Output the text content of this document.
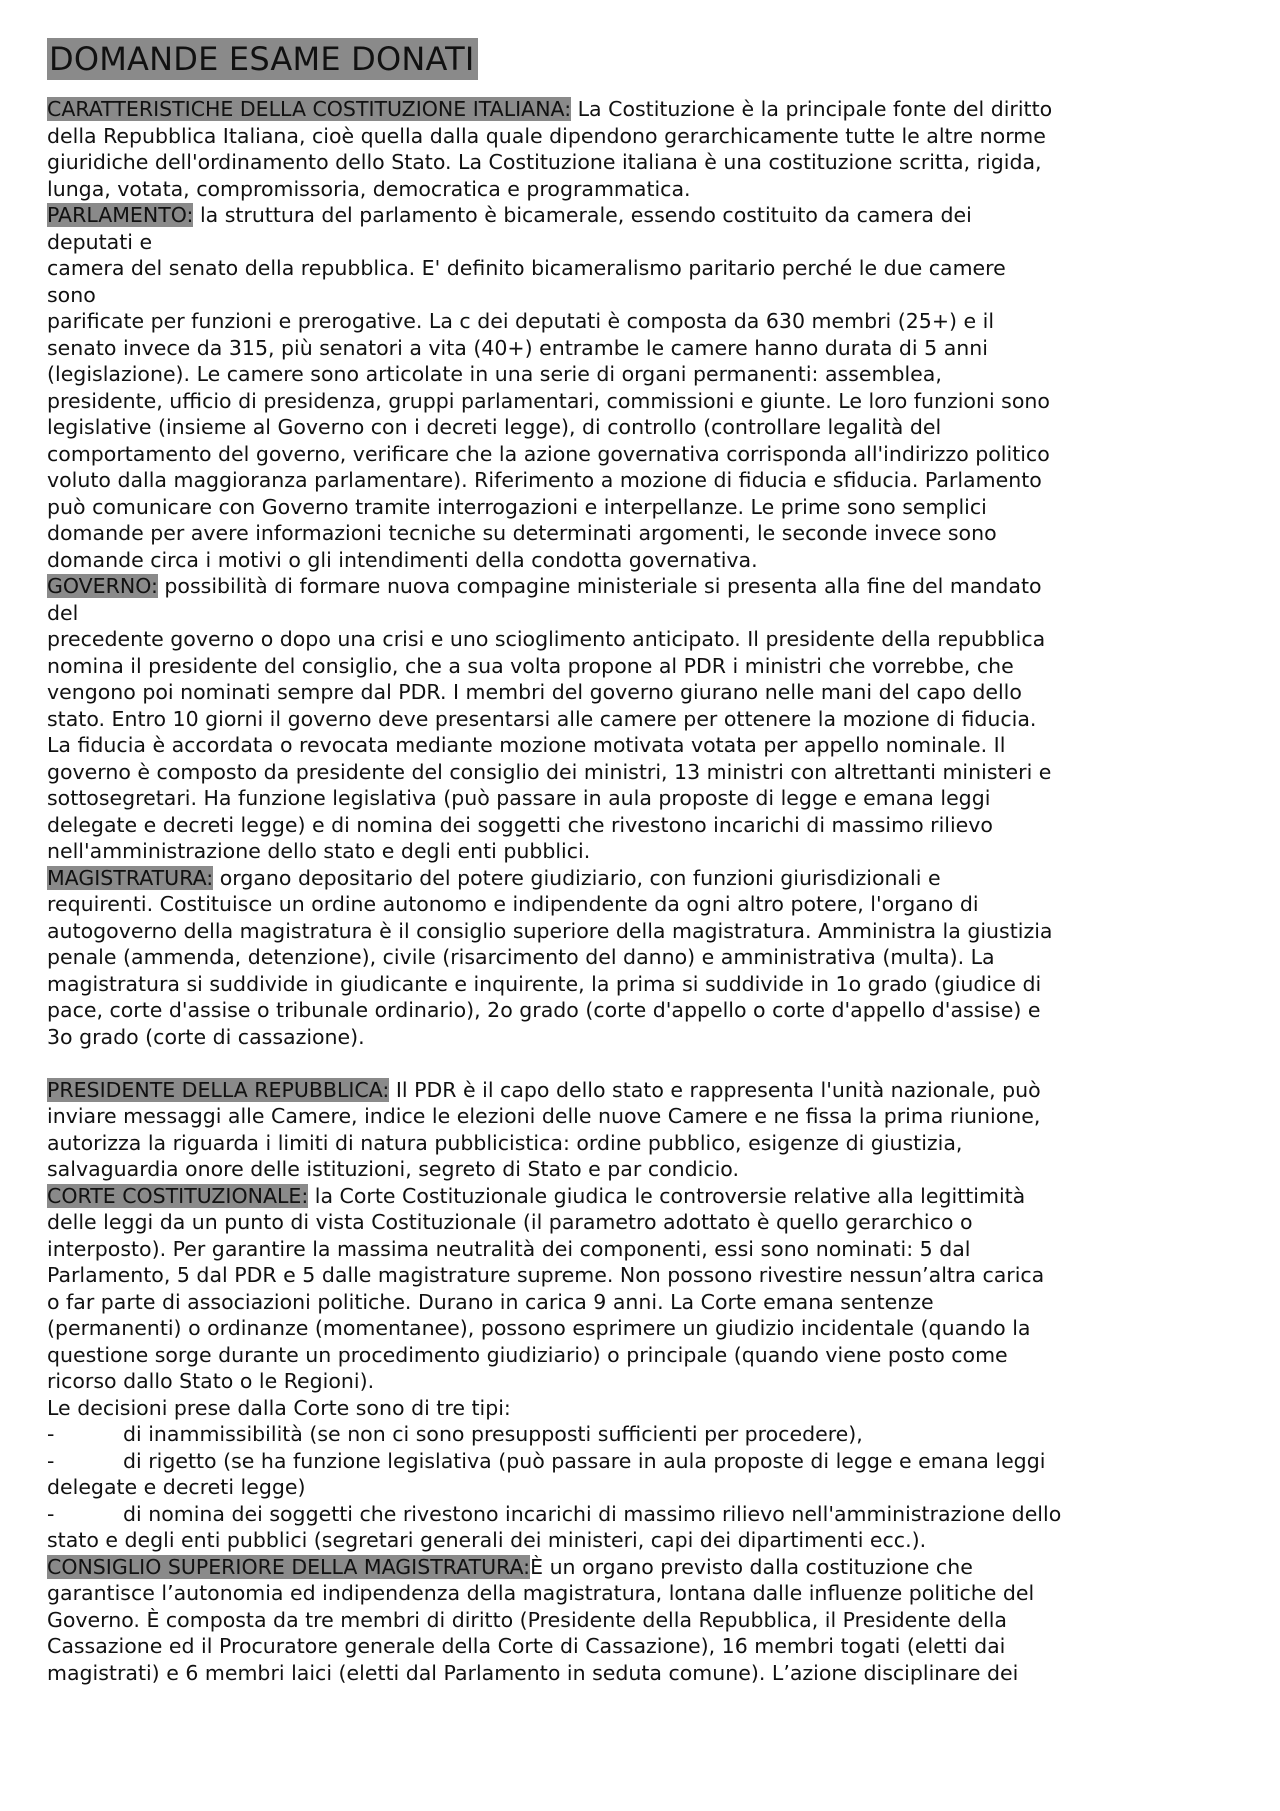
DOMANDE ESAME DONATI

CARATTERISTICHE DELLA COSTITUZIONE ITALIANA: La Costituzione è la principale fonte del diritto
della Repubblica Italiana, cioè quella dalla quale dipendono gerarchicamente tutte le altre norme
giuridiche dell'ordinamento dello Stato. La Costituzione italiana è una costituzione scritta, rigida,
lunga, votata, compromissoria, democratica e programmatica.

PARLAMENTO: la struttura del parlamento è bicamerale, essendo costituito da camera dei
deputati e
camera del senato della repubblica. E' definito bicameralismo paritario perché le due camere
sono
parificate per funzioni e prerogative. La c dei deputati è composta da 630 membri (25+) e il
senato invece da 315, più senatori a vita (40+) entrambe le camere hanno durata di 5 anni
(legislazione). Le camere sono articolate in una serie di organi permanenti: assemblea,
presidente, ufficio di presidenza, gruppi parlamentari, commissioni e giunte. Le loro funzioni sono
legislative (insieme al Governo con i decreti legge), di controllo (controllare legalità del
comportamento del governo, verificare che la azione governativa corrisponda all'indirizzo politico
voluto dalla maggioranza parlamentare). Riferimento a mozione di fiducia e sfiducia. Parlamento
può comunicare con Governo tramite interrogazioni e interpellanze. Le prime sono semplici
domande per avere informazioni tecniche su determinati argomenti, le seconde invece sono
domande circa i motivi o gli intendimenti della condotta governativa.

GOVERNO: possibilità di formare nuova compagine ministeriale si presenta alla fine del mandato
del
precedente governo o dopo una crisi e uno scioglimento anticipato. Il presidente della repubblica
nomina il presidente del consiglio, che a sua volta propone al PDR i ministri che vorrebbe, che
vengono poi nominati sempre dal PDR. I membri del governo giurano nelle mani del capo dello
stato. Entro 10 giorni il governo deve presentarsi alle camere per ottenere la mozione di fiducia.
La fiducia è accordata o revocata mediante mozione motivata votata per appello nominale. Il
governo è composto da presidente del consiglio dei ministri, 13 ministri con altrettanti ministeri e
sottosegretari. Ha funzione legislativa (può passare in aula proposte di legge e emana leggi
delegate e decreti legge) e di nomina dei soggetti che rivestono incarichi di massimo rilievo
nell'amministrazione dello stato e degli enti pubblici.

MAGISTRATURA: organo depositario del potere giudiziario, con funzioni giurisdizionali e
requirenti. Costituisce un ordine autonomo e indipendente da ogni altro potere, l'organo di
autogoverno della magistratura è il consiglio superiore della magistratura. Amministra la giustizia
penale (ammenda, detenzione), civile (risarcimento del danno) e amministrativa (multa). La
magistratura si suddivide in giudicante e inquirente, la prima si suddivide in 1o grado (giudice di
pace, corte d'assise o tribunale ordinario), 2o grado (corte d'appello o corte d'appello d'assise) e
3o grado (corte di cassazione).

PRESIDENTE DELLA REPUBBLICA: Il PDR è il capo dello stato e rappresenta l'unità nazionale, può
inviare messaggi alle Camere, indice le elezioni delle nuove Camere e ne fissa la prima riunione,
autorizza la riguarda i limiti di natura pubblicistica: ordine pubblico, esigenze di giustizia,
salvaguardia onore delle istituzioni, segreto di Stato e par condicio.

CORTE COSTITUZIONALE: la Corte Costituzionale giudica le controversie relative alla legittimità
delle leggi da un punto di vista Costituzionale (il parametro adottato è quello gerarchico o
interposto). Per garantire la massima neutralità dei componenti, essi sono nominati: 5 dal
Parlamento, 5 dal PDR e 5 dalle magistrature supreme. Non possono rivestire nessun’altra carica
o far parte di associazioni politiche. Durano in carica 9 anni. La Corte emana sentenze
(permanenti) o ordinanze (momentanee), possono esprimere un giudizio incidentale (quando la
questione sorge durante un procedimento giudiziario) o principale (quando viene posto come
ricorso dallo Stato o le Regioni).
Le decisioni prese dalla Corte sono di tre tipi:

-	di inammissibilità (se non ci sono presupposti sufficienti per procedere),

-	di rigetto (se ha funzione legislativa (può passare in aula proposte di legge e emana leggi
delegate e decreti legge)

-	di nomina dei soggetti che rivestono incarichi di massimo rilievo nell'amministrazione dello
stato e degli enti pubblici (segretari generali dei ministeri, capi dei dipartimenti ecc.).

CONSIGLIO SUPERIORE DELLA MAGISTRATURA:È un organo previsto dalla costituzione che
garantisce l’autonomia ed indipendenza della magistratura, lontana dalle influenze politiche del
Governo. È composta da tre membri di diritto (Presidente della Repubblica, il Presidente della
Cassazione ed il Procuratore generale della Corte di Cassazione), 16 membri togati (eletti dai
magistrati) e 6 membri laici (eletti dal Parlamento in seduta comune). L’azione disciplinare dei
